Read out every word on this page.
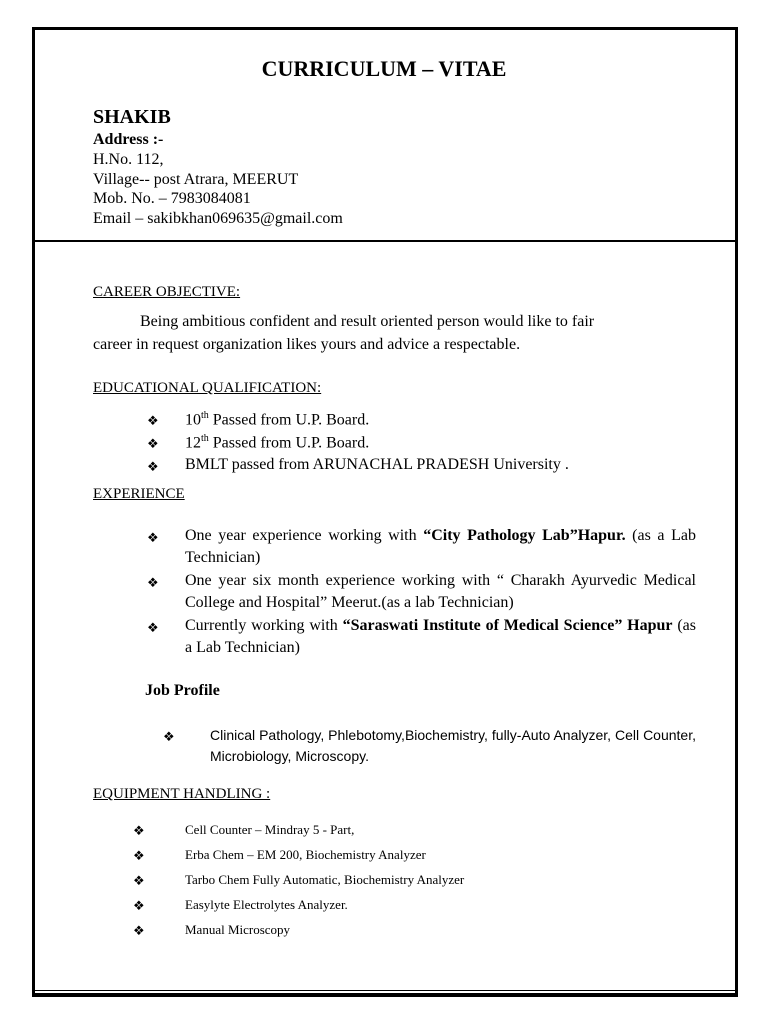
CURRICULUM – VITAE
SHAKIB
Address :-
H.No. 112,
Village-- post Atrara, MEERUT
Mob. No. – 7983084081
Email – sakibkhan069635@gmail.com
CAREER OBJECTIVE:
Being ambitious confident and result oriented person would like to fair
career in request organization likes yours and advice a respectable.
EDUCATIONAL QUALIFICATION:
❖ 10th Passed from U.P. Board.
❖ 12th Passed from U.P. Board.
❖ BMLT passed from ARUNACHAL PRADESH University .
EXPERIENCE
❖ One year experience working with “City Pathology Lab”Hapur. (as a Lab Technician)
❖ One year six month experience working with “ Charakh Ayurvedic Medical College and Hospital” Meerut.(as a lab Technician)
❖ Currently working with “Saraswati Institute of Medical Science” Hapur (as a Lab Technician)
Job Profile
❖	Clinical Pathology, Phlebotomy,Biochemistry, fully-Auto Analyzer, Cell Counter, Microbiology, Microscopy.
EQUIPMENT HANDLING :
❖	Cell Counter – Mindray 5 - Part,
❖	Erba Chem – EM 200, Biochemistry Analyzer
❖	Tarbo Chem Fully Automatic, Biochemistry Analyzer
❖	Easylyte Electrolytes Analyzer.
❖	Manual Microscopy
